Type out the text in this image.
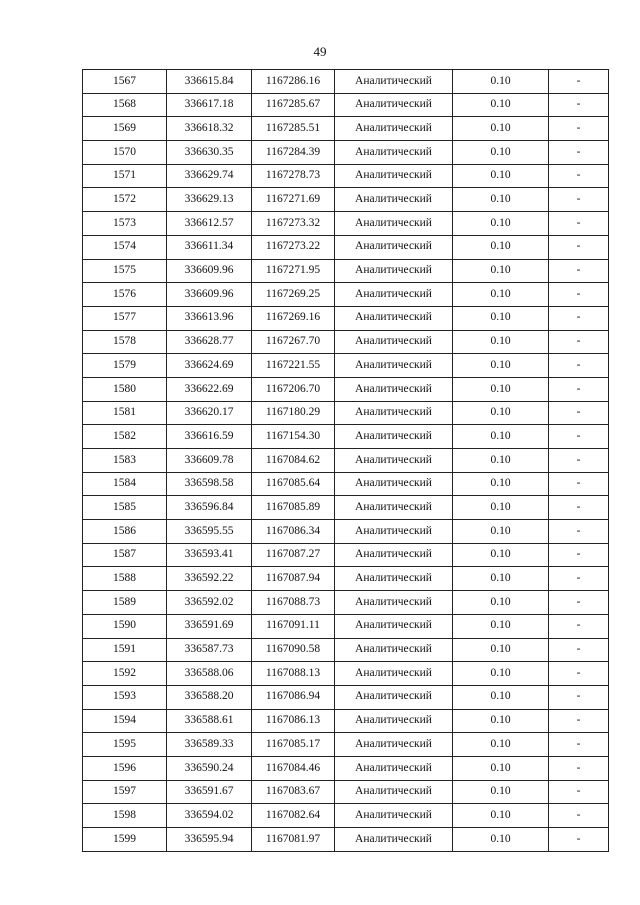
49
1567	336615.84	1167286.16	Аналитический	0.10	-
1568	336617.18	1167285.67	Аналитический	0.10	-
1569	336618.32	1167285.51	Аналитический	0.10	-
1570	336630.35	1167284.39	Аналитический	0.10	-
1571	336629.74	1167278.73	Аналитический	0.10	-
1572	336629.13	1167271.69	Аналитический	0.10	-
1573	336612.57	1167273.32	Аналитический	0.10	-
1574	336611.34	1167273.22	Аналитический	0.10	-
1575	336609.96	1167271.95	Аналитический	0.10	-
1576	336609.96	1167269.25	Аналитический	0.10	-
1577	336613.96	1167269.16	Аналитический	0.10	-
1578	336628.77	1167267.70	Аналитический	0.10	-
1579	336624.69	1167221.55	Аналитический	0.10	-
1580	336622.69	1167206.70	Аналитический	0.10	-
1581	336620.17	1167180.29	Аналитический	0.10	-
1582	336616.59	1167154.30	Аналитический	0.10	-
1583	336609.78	1167084.62	Аналитический	0.10	-
1584	336598.58	1167085.64	Аналитический	0.10	-
1585	336596.84	1167085.89	Аналитический	0.10	-
1586	336595.55	1167086.34	Аналитический	0.10	-
1587	336593.41	1167087.27	Аналитический	0.10	-
1588	336592.22	1167087.94	Аналитический	0.10	-
1589	336592.02	1167088.73	Аналитический	0.10	-
1590	336591.69	1167091.11	Аналитический	0.10	-
1591	336587.73	1167090.58	Аналитический	0.10	-
1592	336588.06	1167088.13	Аналитический	0.10	-
1593	336588.20	1167086.94	Аналитический	0.10	-
1594	336588.61	1167086.13	Аналитический	0.10	-
1595	336589.33	1167085.17	Аналитический	0.10	-
1596	336590.24	1167084.46	Аналитический	0.10	-
1597	336591.67	1167083.67	Аналитический	0.10	-
1598	336594.02	1167082.64	Аналитический	0.10	-
1599	336595.94	1167081.97	Аналитический	0.10	-
